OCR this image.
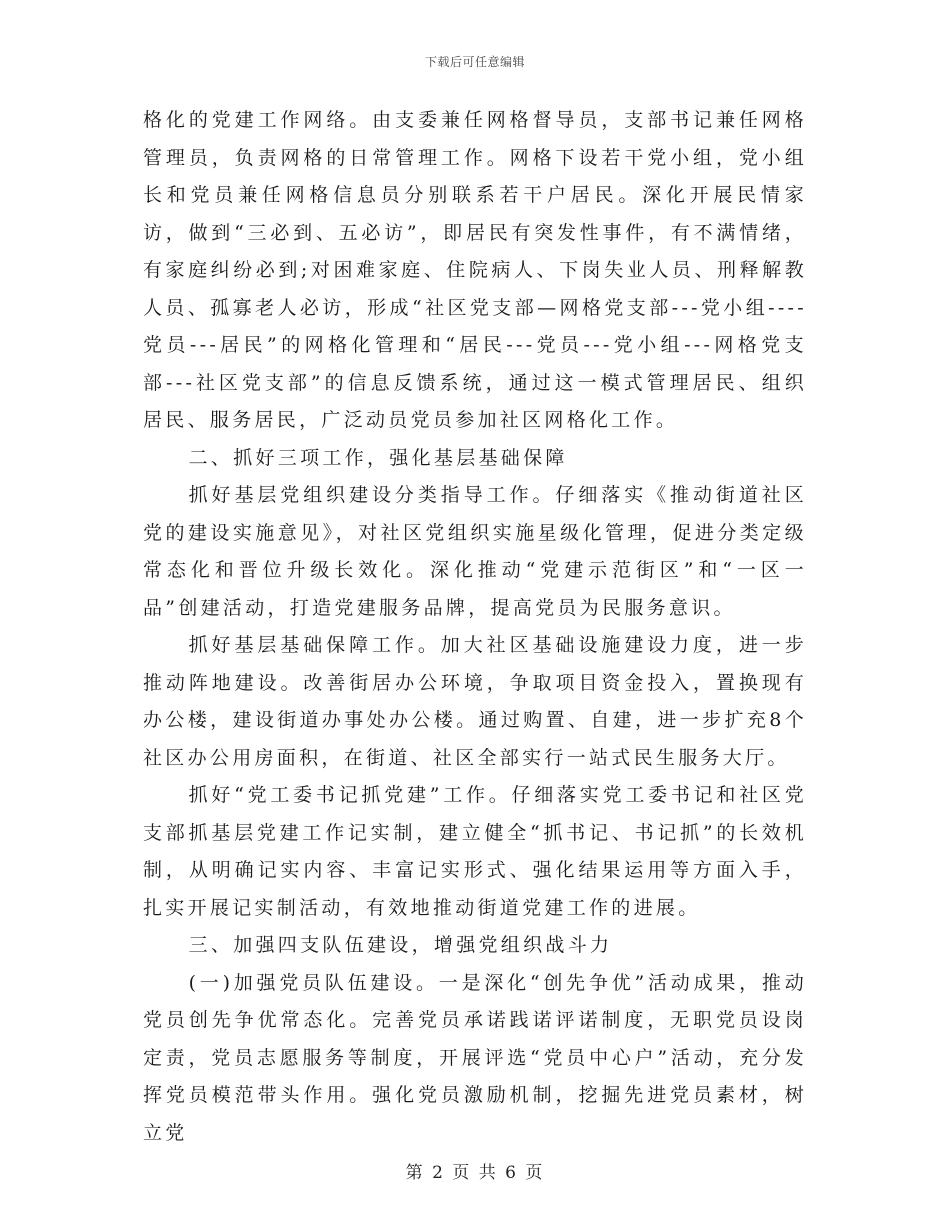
下载后可任意编辑

格化的党建工作网络。由支委兼任网格督导员，支部书记兼任网格管理员，负责网格的日常管理工作。网格下设若干党小组，党小组长和党员兼任网格信息员分别联系若干户居民。深化开展民情家访，做到“三必到、五必访”，即居民有突发性事件，有不满情绪，有家庭纠纷必到;对困难家庭、住院病人、下岗失业人员、刑释解教人员、孤寡老人必访，形成“社区党支部—网格党支部---党小组----党员---居民”的网格化管理和“居民---党员---党小组---网格党支部---社区党支部”的信息反馈系统，通过这一模式管理居民、组织居民、服务居民，广泛动员党员参加社区网格化工作。

二、抓好三项工作，强化基层基础保障

抓好基层党组织建设分类指导工作。仔细落实《推动街道社区党的建设实施意见》，对社区党组织实施星级化管理，促进分类定级常态化和晋位升级长效化。深化推动“党建示范街区”和“一区一品”创建活动，打造党建服务品牌，提高党员为民服务意识。

抓好基层基础保障工作。加大社区基础设施建设力度，进一步推动阵地建设。改善街居办公环境，争取项目资金投入，置换现有办公楼，建设街道办事处办公楼。通过购置、自建，进一步扩充8个社区办公用房面积，在街道、社区全部实行一站式民生服务大厅。

抓好“党工委书记抓党建”工作。仔细落实党工委书记和社区党支部抓基层党建工作记实制，建立健全“抓书记、书记抓”的长效机制，从明确记实内容、丰富记实形式、强化结果运用等方面入手，扎实开展记实制活动，有效地推动街道党建工作的进展。

三、加强四支队伍建设，增强党组织战斗力

(一)加强党员队伍建设。一是深化“创先争优”活动成果，推动党员创先争优常态化。完善党员承诺践诺评诺制度，无职党员设岗定责，党员志愿服务等制度，开展评选“党员中心户”活动，充分发挥党员模范带头作用。强化党员激励机制，挖掘先进党员素材，树立党

第 2 页 共 6 页
